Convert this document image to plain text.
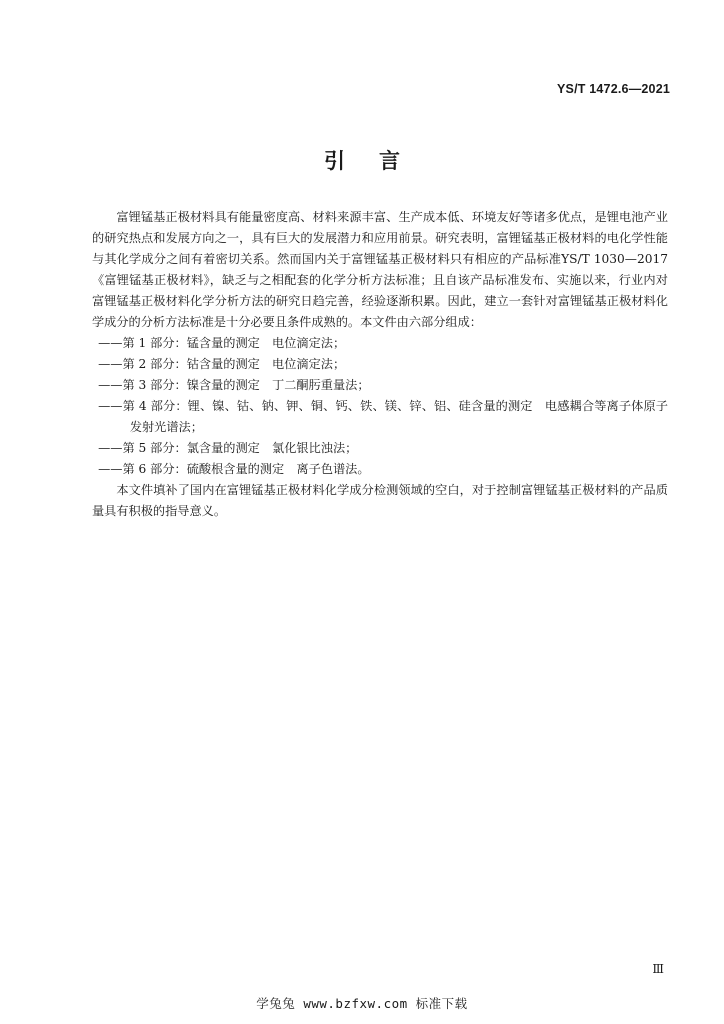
YS/T 1472.6—2021
引言

富锂锰基正极材料具有能量密度高、材料来源丰富、生产成本低、环境友好等诸多优点，是锂电池产业的研究热点和发展方向之一，具有巨大的发展潜力和应用前景。研究表明，富锂锰基正极材料的电化学性能与其化学成分之间有着密切关系。然而国内关于富锂锰基正极材料只有相应的产品标准YS/T 1030—2017《富锂锰基正极材料》，缺乏与之相配套的化学分析方法标准；且自该产品标准发布、实施以来，行业内对富锂锰基正极材料化学分析方法的研究日趋完善，经验逐渐积累。因此，建立一套针对富锂锰基正极材料化学成分的分析方法标准是十分必要且条件成熟的。本文件由六部分组成：

——第 1 部分：锰含量的测定　电位滴定法；
——第 2 部分：钴含量的测定　电位滴定法；
——第 3 部分：镍含量的测定　丁二酮肟重量法；
——第 4 部分：锂、镍、钴、钠、钾、铜、钙、铁、镁、锌、铝、硅含量的测定　电感耦合等离子体原子发射光谱法；
——第 5 部分：氯含量的测定　氯化银比浊法；
——第 6 部分：硫酸根含量的测定　离子色谱法。

本文件填补了国内在富锂锰基正极材料化学成分检测领域的空白，对于控制富锂锰基正极材料的产品质量具有积极的指导意义。

Ⅲ
学兔兔 www.bzfxw.com 标准下载
